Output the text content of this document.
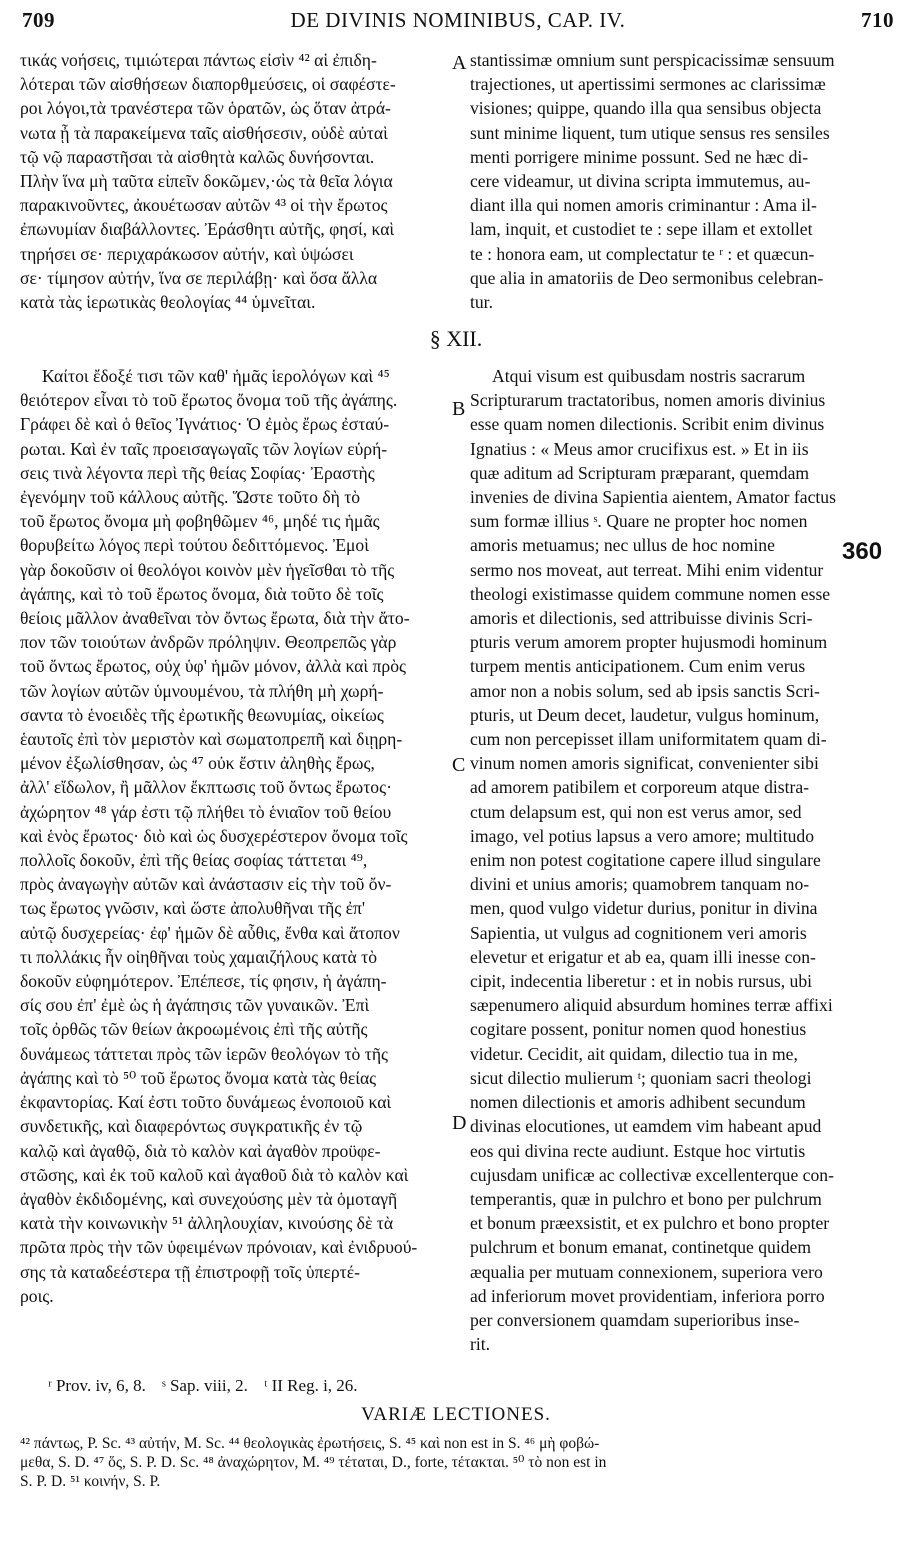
709	DE DIVINIS NOMINIBUS, CAP. IV.	710
τικάς νοήσεις, τιμιώτεραι πάντως εἰσὶν ⁴² αἱ ἐπιδη-
λότεραι τῶν αἰσθήσεων διαπορθμεύσεις, οἱ σαφέστε-
ροι λόγοι,τὰ τρανέστερα τῶν ὁρατῶν, ὡς ὅταν ἀτρά-
νωτα ᾖ τὰ παρακείμενα ταῖς αἰσθήσεσιν, οὐδὲ αὐταὶ
τῷ νῷ παραστῆσαι τὰ αἰσθητὰ καλῶς δυνήσονται.
Πλὴν ἵνα μὴ ταῦτα εἰπεῖν δοκῶμεν,·ὡς τὰ θεῖα λόγια
παρακινοῦντες, ἀκουέτωσαν αὐτῶν ⁴³ οἱ τὴν ἔρωτος
ἐπωνυμίαν διαβάλλοντες. Ἐράσθητι αὐτῆς, φησί, καὶ
τηρήσει σε· περιχαράκωσον αὐτήν, καὶ ὑψώσει
σε· τίμησον αὐτήν, ἵνα σε περιλάβῃ· καὶ ὅσα ἄλλα
κατὰ τὰς ἱερωτικὰς θεολογίας ⁴⁴ ὑμνεῖται.
stantissimæ omnium sunt perspicacissimæ sensuum
trajectiones, ut apertissimi sermones ac clarissimæ
visiones; quippe, quando illa qua sensibus objecta
sunt minime liquent, tum utique sensus res sensiles
menti porrigere minime possunt. Sed ne hæc di-
cere videamur, ut divina scripta immutemus, au-
diant illa qui nomen amoris criminantur : Ama il-
lam, inquit, et custodiet te : sepe illam et extollet
te : honora eam, ut complectatur te ʳ : et quæcun-
que alia in amatoriis de Deo sermonibus celebran-
tur.
A
§ XII.
Καίτοι ἔδοξέ τισι τῶν καθ' ἡμᾶς ἱερολόγων καὶ ⁴⁵
θειότερον εἶναι τὸ τοῦ ἔρωτος ὄνομα τοῦ τῆς ἀγάπης.
Γράφει δὲ καὶ ὁ θεῖος Ἰγνάτιος· Ὁ ἐμὸς ἔρως ἐσταύ-
ρωται. Καὶ ἐν ταῖς προεισαγωγαῖς τῶν λογίων εὑρή-
σεις τινὰ λέγοντα περὶ τῆς θείας Σοφίας· Ἐραστὴς
ἐγενόμην τοῦ κάλλους αὐτῆς. Ὥστε τοῦτο δὴ τὸ
τοῦ ἔρωτος ὄνομα μὴ φοβηθῶμεν ⁴⁶, μηδέ τις ἡμᾶς
θορυβείτω λόγος περὶ τούτου δεδιττόμενος. Ἐμοὶ
γὰρ δοκοῦσιν οἱ θεολόγοι κοινὸν μὲν ἡγεῖσθαι τὸ τῆς
ἀγάπης, καὶ τὸ τοῦ ἔρωτος ὄνομα, διὰ τοῦτο δὲ τοῖς
θείοις μᾶλλον ἀναθεῖναι τὸν ὄντως ἔρωτα, διὰ τὴν ἄτο-
πον τῶν τοιούτων ἀνδρῶν πρόληψιν. Θεοπρεπῶς γὰρ
τοῦ ὄντως ἔρωτος, οὐχ ὑφ' ἡμῶν μόνον, ἀλλὰ καὶ πρὸς
τῶν λογίων αὐτῶν ὑμνουμένου, τὰ πλήθη μὴ χωρή-
σαντα τὸ ἑνοειδὲς τῆς ἐρωτικῆς θεωνυμίας, οἰκείως
ἑαυτοῖς ἐπὶ τὸν μεριστὸν καὶ σωματοπρεπῆ καὶ διῃρη-
μένον ἐξωλίσθησαν, ὡς ⁴⁷ οὐκ ἔστιν ἀληθὴς ἔρως,
ἀλλ' εἴδωλον, ἢ μᾶλλον ἔκπτωσις τοῦ ὄντως ἔρωτος·
ἀχώρητον ⁴⁸ γάρ ἐστι τῷ πλήθει τὸ ἑνιαῖον τοῦ θείου
καὶ ἑνὸς ἔρωτος· διὸ καὶ ὡς δυσχερέστερον ὄνομα τοῖς
πολλοῖς δοκοῦν, ἐπὶ τῆς θείας σοφίας τάττεται ⁴⁹,
πρὸς ἀναγωγὴν αὐτῶν καὶ ἀνάστασιν εἰς τὴν τοῦ ὄν-
τως ἔρωτος γνῶσιν, καὶ ὥστε ἀπολυθῆναι τῆς ἐπ'
αὐτῷ δυσχερείας· ἐφ' ἡμῶν δὲ αὖθις, ἔνθα καὶ ἄτοπον
τι πολλάκις ἦν οἰηθῆναι τοὺς χαμαιζήλους κατὰ τὸ
δοκοῦν εὐφημότερον. Ἐπέπεσε, τίς φησιν, ἡ ἀγάπη-
σίς σου ἐπ' ἐμὲ ὡς ἡ ἀγάπησις τῶν γυναικῶν. Ἐπὶ
τοῖς ὀρθῶς τῶν θείων ἀκροωμένοις ἐπὶ τῆς αὐτῆς
δυνάμεως τάττεται πρὸς τῶν ἱερῶν θεολόγων τὸ τῆς
ἀγάπης καὶ τὸ ⁵⁰ τοῦ ἔρωτος ὄνομα κατὰ τὰς θείας
ἐκφαντορίας. Καί ἐστι τοῦτο δυνάμεως ἑνοποιοῦ καὶ
συνδετικῆς, καὶ διαφερόντως συγκρατικῆς ἐν τῷ
καλῷ καὶ ἀγαθῷ, διὰ τὸ καλὸν καὶ ἀγαθὸν προϋφε-
στῶσης, καὶ ἐκ τοῦ καλοῦ καὶ ἀγαθοῦ διὰ τὸ καλὸν καὶ
ἀγαθὸν ἐκδιδομένης, καὶ συνεχούσης μὲν τὰ ὁμοταγῆ
κατὰ τὴν κοινωνικὴν ⁵¹ ἀλληλουχίαν, κινούσης δὲ τὰ
πρῶτα πρὸς τὴν τῶν ὑφειμένων πρόνοιαν, καὶ ἐνιδρυού-
σης τὰ καταδεέστερα τῇ ἐπιστροφῇ τοῖς ὑπερτέ-
ροις.
Atqui visum est quibusdam nostris sacrarum
Scripturarum tractatoribus, nomen amoris divinius
esse quam nomen dilectionis. Scribit enim divinus
Ignatius : « Meus amor crucifixus est. » Et in iis
quæ aditum ad Scripturam præparant, quemdam
invenies de divina Sapientia aientem, Amator factus
sum formæ illius ˢ. Quare ne propter hoc nomen
amoris metuamus; nec ullus de hoc nomine
sermo nos moveat, aut terreat. Mihi enim videntur
theologi existimasse quidem commune nomen esse
amoris et dilectionis, sed attribuisse divinis Scri-
pturis verum amorem propter hujusmodi hominum
turpem mentis anticipationem. Cum enim verus
amor non a nobis solum, sed ab ipsis sanctis Scri-
pturis, ut Deum decet, laudetur, vulgus hominum,
cum non percepisset illam uniformitatem quam di-
vinum nomen amoris significat, convenienter sibi
ad amorem patibilem et corporeum atque distra-
ctum delapsum est, qui non est verus amor, sed
imago, vel potius lapsus a vero amore; multitudo
enim non potest cogitatione capere illud singulare
divini et unius amoris; quamobrem tanquam no-
men, quod vulgo videtur durius, ponitur in divina
Sapientia, ut vulgus ad cognitionem veri amoris
elevetur et erigatur et ab ea, quam illi inesse con-
cipit, indecentia liberetur : et in nobis rursus, ubi
sæpenumero aliquid absurdum homines terræ affixi
cogitare possent, ponitur nomen quod honestius
videtur. Cecidit, ait quidam, dilectio tua in me,
sicut dilectio mulierum ᵗ; quoniam sacri theologi
nomen dilectionis et amoris adhibent secundum
divinas elocutiones, ut eamdem vim habeant apud
eos qui divina recte audiunt. Estque hoc virtutis
cujusdam unificæ ac collectivæ excellenterque con-
temperantis, quæ in pulchro et bono per pulchrum
et bonum præexsistit, et ex pulchro et bono propter
pulchrum et bonum emanat, continetque quidem
æqualia per mutuam connexionem, superiora vero
ad inferiorum movet providentiam, inferiora porro
per conversionem quamdam superioribus inse-
rit.
B
C
D
360
ʳ Prov. iv, 6, 8. ˢ Sap. viii, 2. ᵗ II Reg. i, 26.
VARIÆ LECTIONES.
⁴² πάντως, P. Sc. ⁴³ αὐτήν, M. Sc. ⁴⁴ θεολογικὰς ἐρωτήσεις, S. ⁴⁵ καὶ non est in S. ⁴⁶ μὴ φοβώ-
μεθα, S. D. ⁴⁷ ὅς, S. P. D. Sc. ⁴⁸ ἀναχώρητον, M. ⁴⁹ τέταται, D., forte, τέτακται. ⁵⁰ τὸ non est in
S. P. D. ⁵¹ κοινήν, S. P.
